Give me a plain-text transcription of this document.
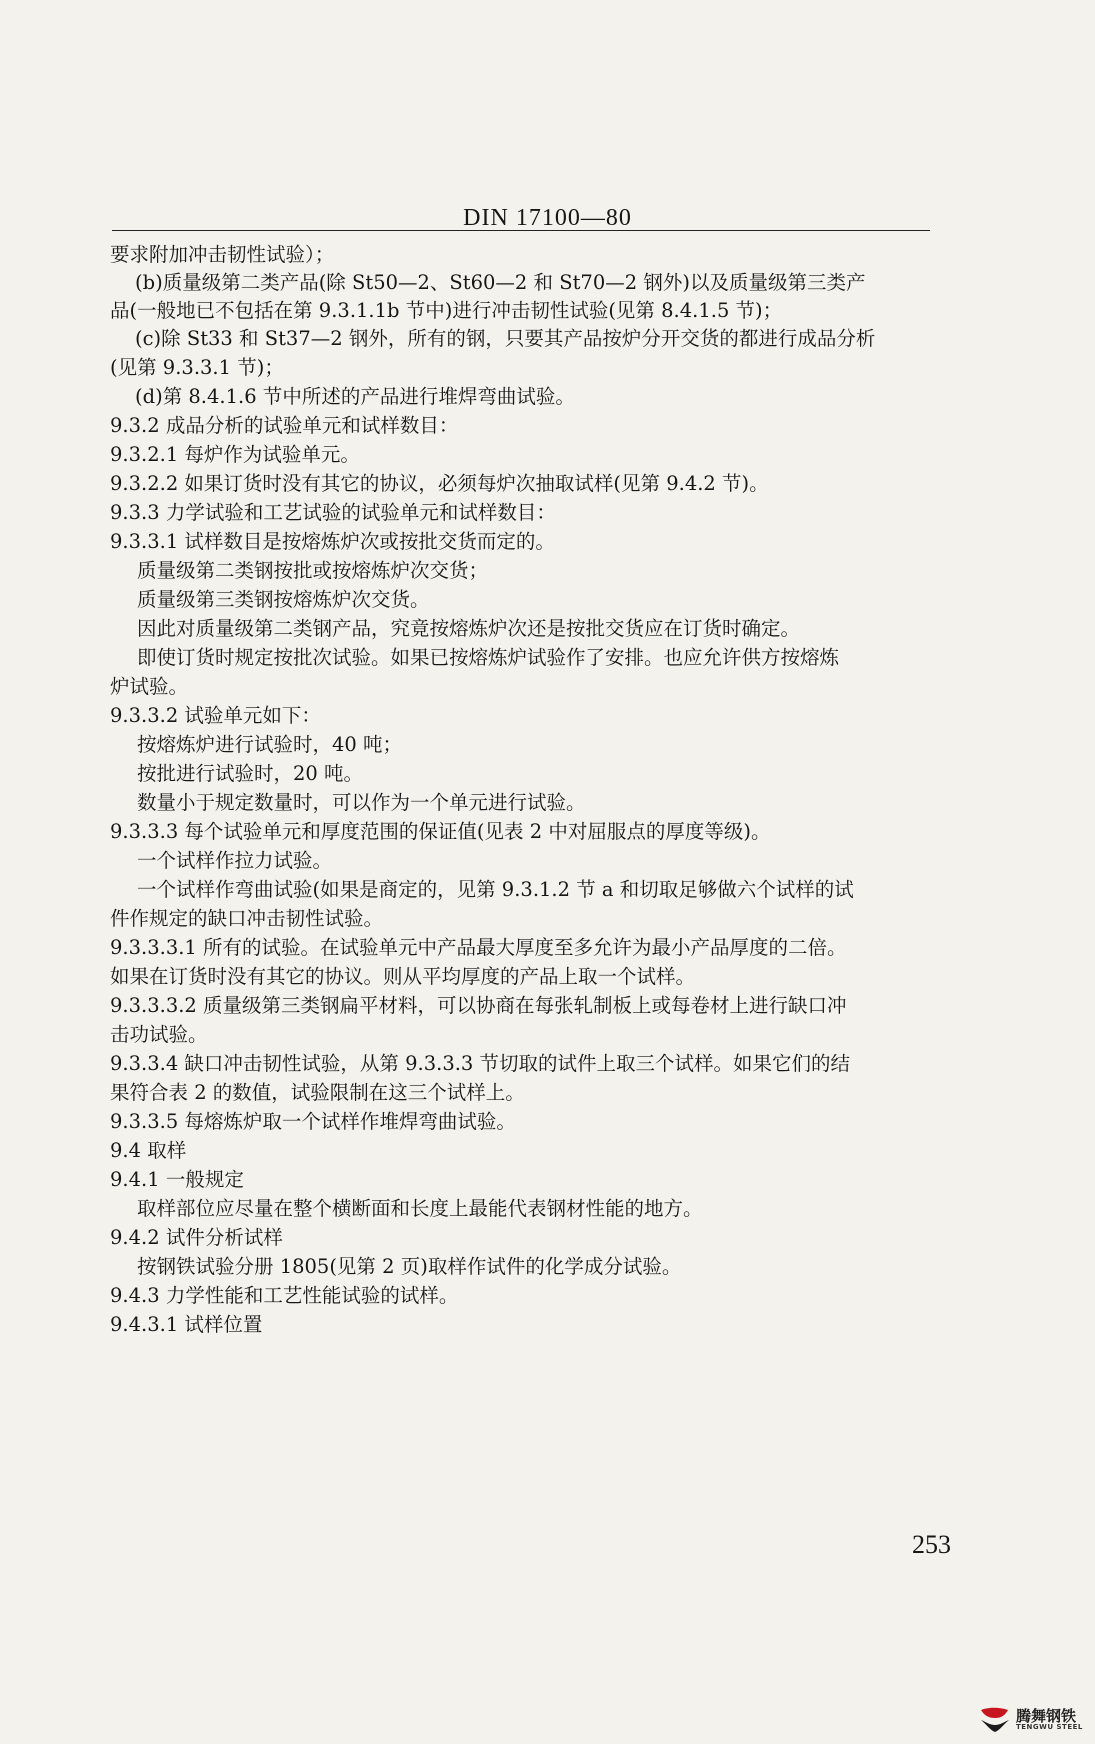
DIN 17100—80
要求附加冲击韧性试验）；
(b)质量级第二类产品(除 St50—2、St60—2 和 St70—2 钢外)以及质量级第三类产
品(一般地已不包括在第 9.3.1.1b 节中)进行冲击韧性试验(见第 8.4.1.5 节)；
(c)除 St33 和 St37—2 钢外，所有的钢，只要其产品按炉分开交货的都进行成品分析
(见第 9.3.3.1 节)；
(d)第 8.4.1.6 节中所述的产品进行堆焊弯曲试验。
9.3.2 成品分析的试验单元和试样数目：
9.3.2.1 每炉作为试验单元。
9.3.2.2 如果订货时没有其它的协议，必须每炉次抽取试样(见第 9.4.2 节)。
9.3.3 力学试验和工艺试验的试验单元和试样数目：
9.3.3.1 试样数目是按熔炼炉次或按批交货而定的。
质量级第二类钢按批或按熔炼炉次交货；
质量级第三类钢按熔炼炉次交货。
因此对质量级第二类钢产品，究竟按熔炼炉次还是按批交货应在订货时确定。
即使订货时规定按批次试验。如果已按熔炼炉试验作了安排。也应允许供方按熔炼
炉试验。
9.3.3.2 试验单元如下：
按熔炼炉进行试验时，40 吨；
按批进行试验时，20 吨。
数量小于规定数量时，可以作为一个单元进行试验。
9.3.3.3 每个试验单元和厚度范围的保证值(见表 2 中对屈服点的厚度等级)。
一个试样作拉力试验。
一个试样作弯曲试验(如果是商定的，见第 9.3.1.2 节 a 和切取足够做六个试样的试
件作规定的缺口冲击韧性试验。
9.3.3.3.1 所有的试验。在试验单元中产品最大厚度至多允许为最小产品厚度的二倍。
如果在订货时没有其它的协议。则从平均厚度的产品上取一个试样。
9.3.3.3.2 质量级第三类钢扁平材料，可以协商在每张轧制板上或每卷材上进行缺口冲
击功试验。
9.3.3.4 缺口冲击韧性试验，从第 9.3.3.3 节切取的试件上取三个试样。如果它们的结
果符合表 2 的数值，试验限制在这三个试样上。
9.3.3.5 每熔炼炉取一个试样作堆焊弯曲试验。
9.4 取样
9.4.1 一般规定
取样部位应尽量在整个横断面和长度上最能代表钢材性能的地方。
9.4.2 试件分析试样
按钢铁试验分册 1805(见第 2 页)取样作试件的化学成分试验。
9.4.3 力学性能和工艺性能试验的试样。
9.4.3.1 试样位置
253
腾舞钢铁
TENGWU STEEL
